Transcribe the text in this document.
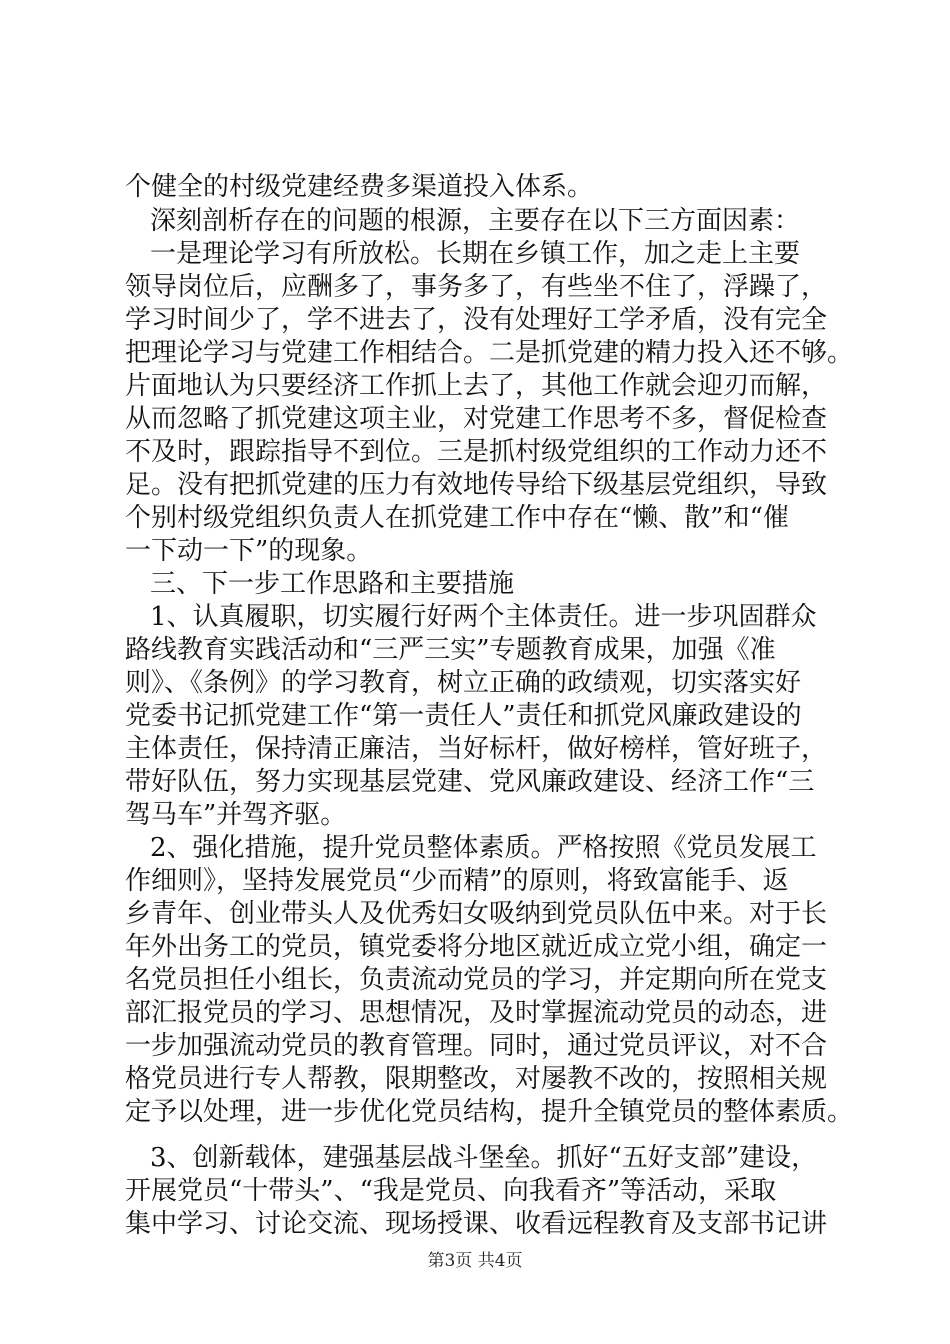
个健全的村级党建经费多渠道投入体系。
深刻剖析存在的问题的根源，主要存在以下三方面因素：
一是理论学习有所放松。长期在乡镇工作，加之走上主要
领导岗位后，应酬多了，事务多了，有些坐不住了，浮躁了，
学习时间少了，学不进去了，没有处理好工学矛盾，没有完全
把理论学习与党建工作相结合。二是抓党建的精力投入还不够。
片面地认为只要经济工作抓上去了，其他工作就会迎刃而解，
从而忽略了抓党建这项主业，对党建工作思考不多，督促检查
不及时，跟踪指导不到位。三是抓村级党组织的工作动力还不
足。没有把抓党建的压力有效地传导给下级基层党组织，导致
个别村级党组织负责人在抓党建工作中存在“懒、散”和“催
一下动一下”的现象。
三、下一步工作思路和主要措施
1、认真履职，切实履行好两个主体责任。进一步巩固群众
路线教育实践活动和“三严三实”专题教育成果，加强《准
则》、《条例》的学习教育，树立正确的政绩观，切实落实好
党委书记抓党建工作“第一责任人”责任和抓党风廉政建设的
主体责任，保持清正廉洁，当好标杆，做好榜样，管好班子，
带好队伍，努力实现基层党建、党风廉政建设、经济工作“三
驾马车”并驾齐驱。
2、强化措施，提升党员整体素质。严格按照《党员发展工
作细则》，坚持发展党员“少而精”的原则，将致富能手、返
乡青年、创业带头人及优秀妇女吸纳到党员队伍中来。对于长
年外出务工的党员，镇党委将分地区就近成立党小组，确定一
名党员担任小组长，负责流动党员的学习，并定期向所在党支
部汇报党员的学习、思想情况，及时掌握流动党员的动态，进
一步加强流动党员的教育管理。同时，通过党员评议，对不合
格党员进行专人帮教，限期整改，对屡教不改的，按照相关规
定予以处理，进一步优化党员结构，提升全镇党员的整体素质。
3、创新载体，建强基层战斗堡垒。抓好“五好支部”建设，
开展党员“十带头”、“我是党员、向我看齐”等活动，采取
集中学习、讨论交流、现场授课、收看远程教育及支部书记讲
第3页 共4页
